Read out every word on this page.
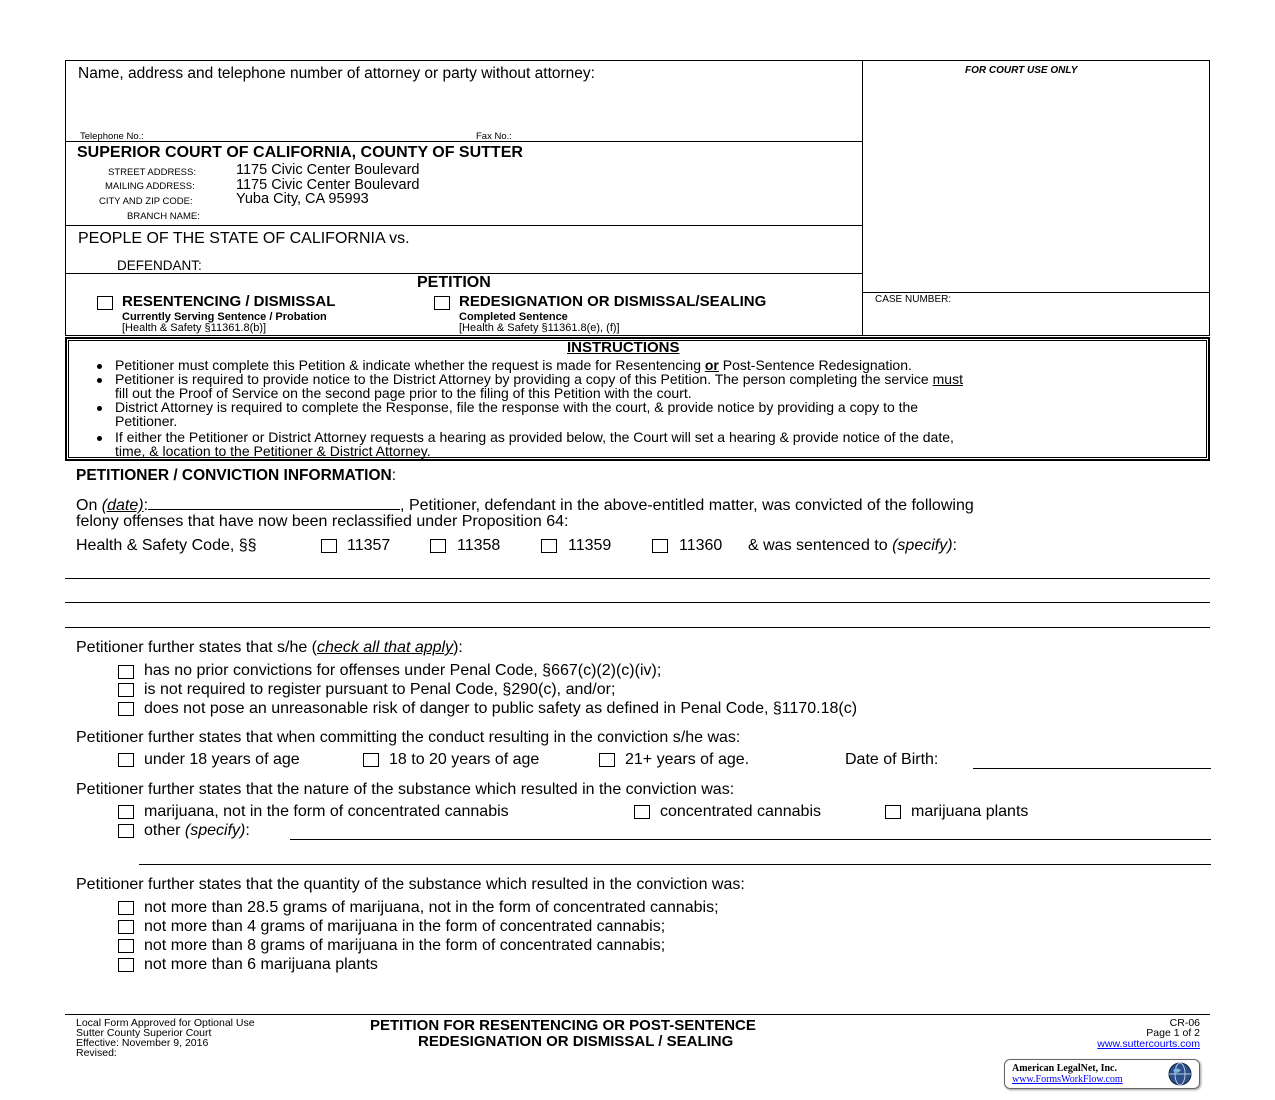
Name, address and telephone number of attorney or party without attorney:
Telephone No.:	Fax No.:
FOR COURT USE ONLY
SUPERIOR COURT OF CALIFORNIA, COUNTY OF SUTTER
STREET ADDRESS:	1175 Civic Center Boulevard
MAILING ADDRESS:	1175 Civic Center Boulevard
CITY AND ZIP CODE:	Yuba City, CA 95993
BRANCH NAME:
PEOPLE OF THE STATE OF CALIFORNIA vs.
DEFENDANT:
PETITION
RESENTENCING / DISMISSAL
Currently Serving Sentence / Probation
[Health & Safety §11361.8(b)]
REDESIGNATION OR DISMISSAL/SEALING
Completed Sentence
[Health & Safety §11361.8(e), (f)]
CASE NUMBER:
INSTRUCTIONS
Petitioner must complete this Petition & indicate whether the request is made for Resentencing or Post-Sentence Redesignation.
Petitioner is required to provide notice to the District Attorney by providing a copy of this Petition. The person completing the service must
fill out the Proof of Service on the second page prior to the filing of this Petition with the court.
District Attorney is required to complete the Response, file the response with the court, & provide notice by providing a copy to the
Petitioner.
If either the Petitioner or District Attorney requests a hearing as provided below, the Court will set a hearing & provide notice of the date,
time, & location to the Petitioner & District Attorney.
PETITIONER / CONVICTION INFORMATION:
On (date):	, Petitioner, defendant in the above-entitled matter, was convicted of the following
felony offenses that have now been reclassified under Proposition 64:
Health & Safety Code, §§	11357	11358	11359	11360 & was sentenced to (specify):
Petitioner further states that s/he (check all that apply):
has no prior convictions for offenses under Penal Code, §667(c)(2)(c)(iv);
is not required to register pursuant to Penal Code, §290(c), and/or;
does not pose an unreasonable risk of danger to public safety as defined in Penal Code, §1170.18(c)
Petitioner further states that when committing the conduct resulting in the conviction s/he was:
under 18 years of age	18 to 20 years of age	21+ years of age.	Date of Birth:
Petitioner further states that the nature of the substance which resulted in the conviction was:
marijuana, not in the form of concentrated cannabis	concentrated cannabis	marijuana plants
other (specify):
Petitioner further states that the quantity of the substance which resulted in the conviction was:
not more than 28.5 grams of marijuana, not in the form of concentrated cannabis;
not more than 4 grams of marijuana in the form of concentrated cannabis;
not more than 8 grams of marijuana in the form of concentrated cannabis;
not more than 6 marijuana plants
Local Form Approved for Optional Use
Sutter County Superior Court
Effective: November 9, 2016
Revised:
PETITION FOR RESENTENCING OR POST-SENTENCE
REDESIGNATION OR DISMISSAL / SEALING
CR-06
Page 1 of 2
www.suttercourts.com
American LegalNet, Inc.
www.FormsWorkFlow.com
